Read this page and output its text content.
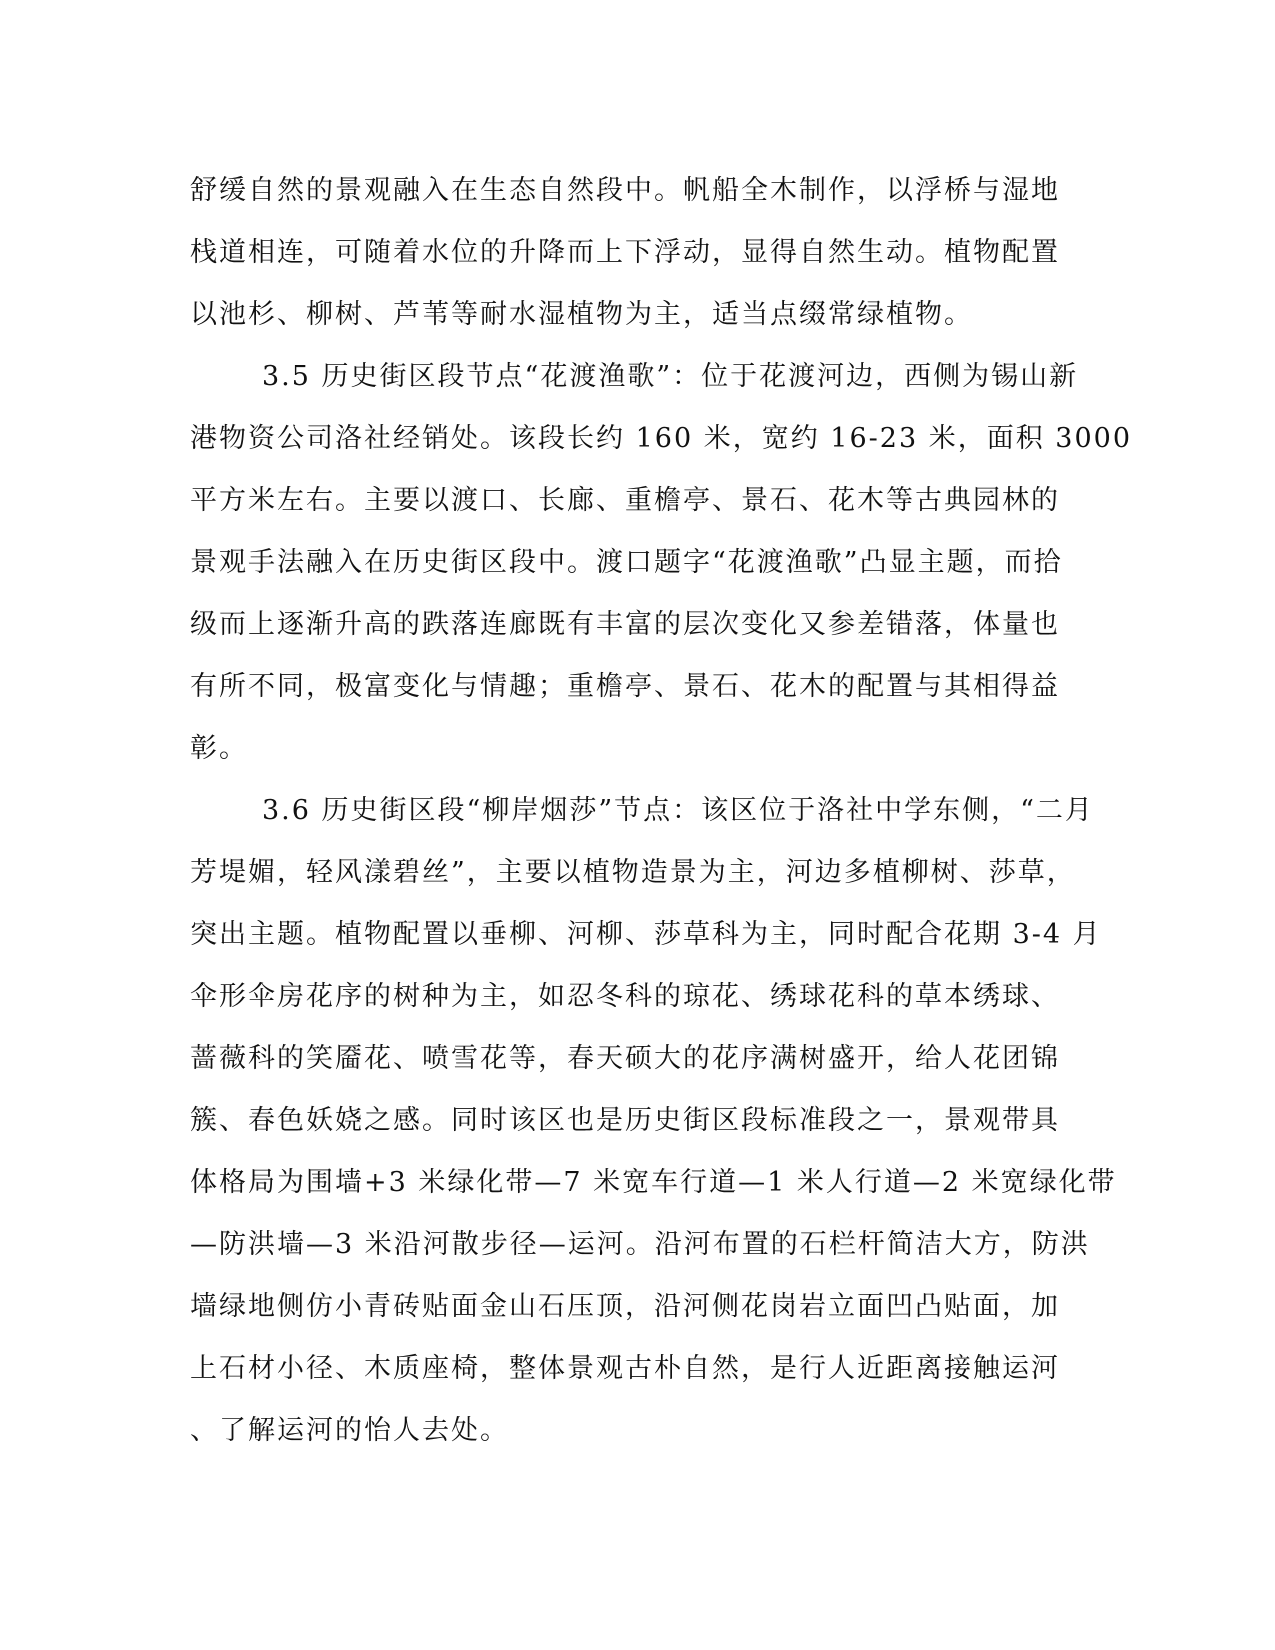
舒缓自然的景观融入在生态自然段中。帆船全木制作，以浮桥与湿地
栈道相连，可随着水位的升降而上下浮动，显得自然生动。植物配置
以池杉、柳树、芦苇等耐水湿植物为主，适当点缀常绿植物。
3.5 历史街区段节点“花渡渔歌”：位于花渡河边，西侧为锡山新
港物资公司洛社经销处。该段长约 160 米，宽约 16-23 米，面积 3000
平方米左右。主要以渡口、长廊、重檐亭、景石、花木等古典园林的
景观手法融入在历史街区段中。渡口题字“花渡渔歌”凸显主题，而拾
级而上逐渐升高的跌落连廊既有丰富的层次变化又参差错落，体量也
有所不同，极富变化与情趣；重檐亭、景石、花木的配置与其相得益
彰。
3.6 历史街区段“柳岸烟莎”节点：该区位于洛社中学东侧，“二月
芳堤媚，轻风漾碧丝”，主要以植物造景为主，河边多植柳树、莎草，
突出主题。植物配置以垂柳、河柳、莎草科为主，同时配合花期 3-4 月
伞形伞房花序的树种为主，如忍冬科的琼花、绣球花科的草本绣球、
蔷薇科的笑靥花、喷雪花等，春天硕大的花序满树盛开，给人花团锦
簇、春色妖娆之感。同时该区也是历史街区段标准段之一，景观带具
体格局为围墙+3 米绿化带—7 米宽车行道—1 米人行道—2 米宽绿化带
—防洪墙—3 米沿河散步径—运河。沿河布置的石栏杆简洁大方，防洪
墙绿地侧仿小青砖贴面金山石压顶，沿河侧花岗岩立面凹凸贴面，加
上石材小径、木质座椅，整体景观古朴自然，是行人近距离接触运河
、了解运河的怡人去处。
